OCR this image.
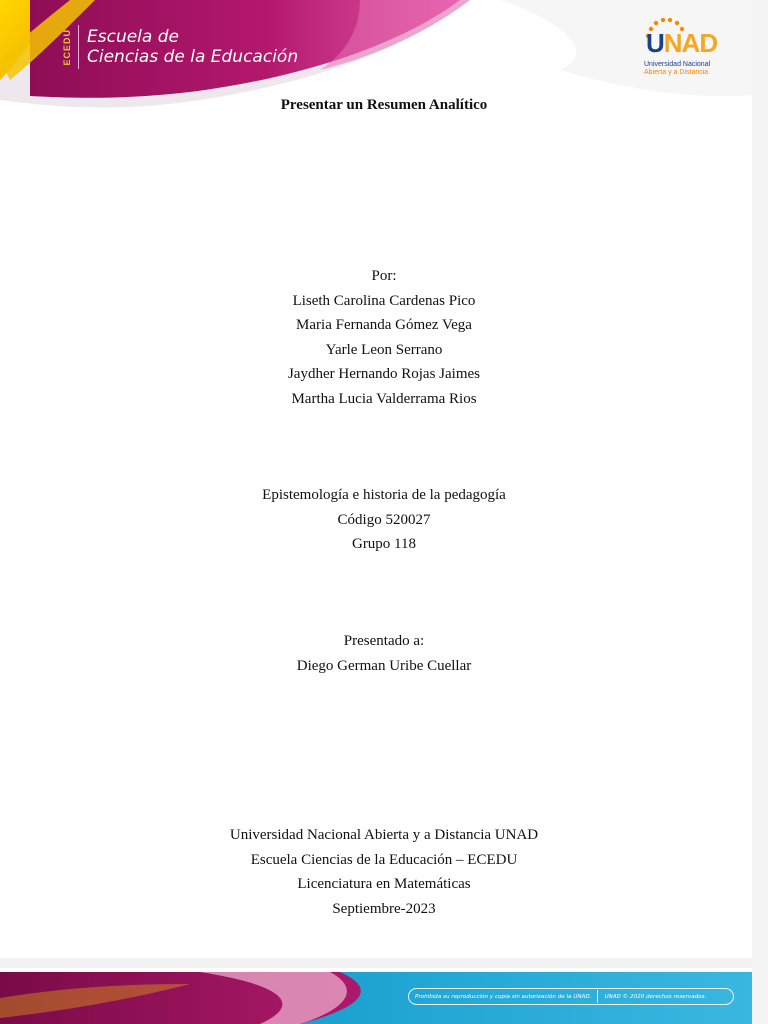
ECEDU Escuela de
Ciencias de la Educación	UNAD
Universidad Nacional
Abierta y a Distancia
Presentar un Resumen Analítico
Por:
Liseth Carolina Cardenas Pico
Maria Fernanda Gómez Vega
Yarle Leon Serrano
Jaydher Hernando Rojas Jaimes
Martha Lucia Valderrama Rios
Epistemología e historia de la pedagogía
Código 520027
Grupo 118
Presentado a:
Diego German Uribe Cuellar
Universidad Nacional Abierta y a Distancia UNAD
Escuela Ciencias de la Educación – ECEDU
Licenciatura en Matemáticas
Septiembre-2023
Prohibida su reproducción y copia sin autorización de la UNAD. UNAD © 2020 derechos reservados.
